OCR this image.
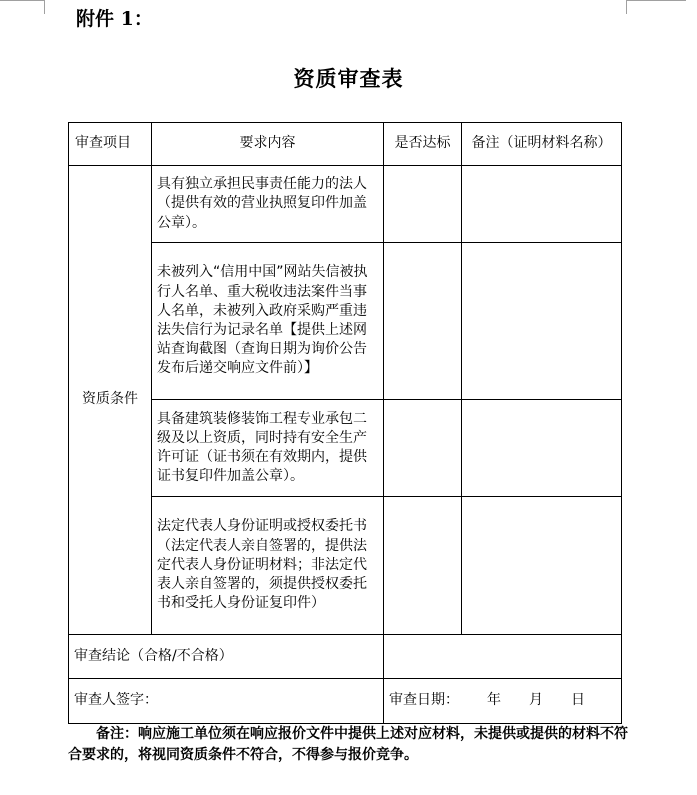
附件 1：
资质审查表
审查项目	要求内容	是否达标	备注（证明材料名称）
资质条件	具有独立承担民事责任能力的法人（提供有效的营业执照复印件加盖公章）。		
	未被列入“信用中国”网站失信被执行人名单、重大税收违法案件当事人名单，未被列入政府采购严重违法失信行为记录名单【提供上述网站查询截图（查询日期为询价公告发布后递交响应文件前）】		
	具备建筑装修装饰工程专业承包二级及以上资质，同时持有安全生产许可证（证书须在有效期内，提供证书复印件加盖公章）。		
	法定代表人身份证明或授权委托书（法定代表人亲自签署的，提供法定代表人身份证明材料；非法定代表人亲自签署的，须提供授权委托书和受托人身份证复印件）		
审查结论（合格/不合格）			
审查人签字：		审查日期： 年 月 日	
备注：响应施工单位须在响应报价文件中提供上述对应材料，未提供或提供的材料不符合要求的，将视同资质条件不符合，不得参与报价竞争。
